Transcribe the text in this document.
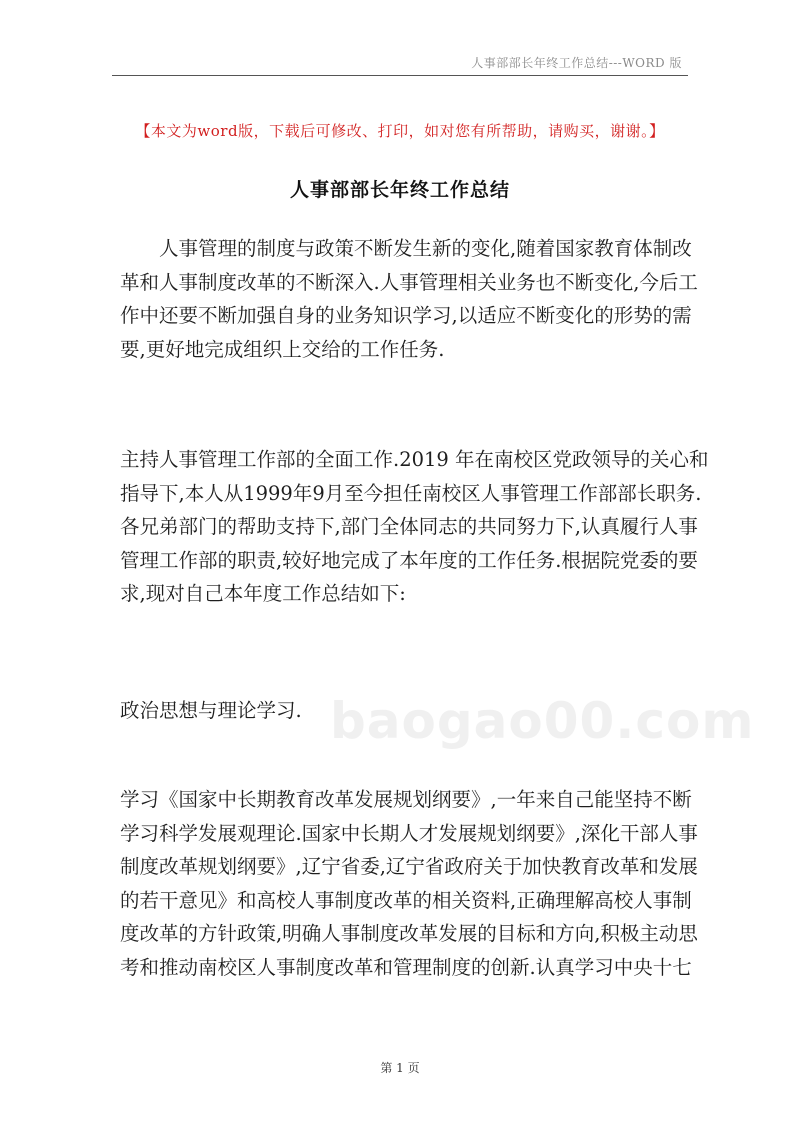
人事部部长年终工作总结---WORD 版
【本文为word版，下载后可修改、打印，如对您有所帮助，请购买，谢谢。】
人事部部长年终工作总结
　　人事管理的制度与政策不断发生新的变化,随着国家教育体制改
革和人事制度改革的不断深入.人事管理相关业务也不断变化,今后工
作中还要不断加强自身的业务知识学习,以适应不断变化的形势的需
要,更好地完成组织上交给的工作任务.
主持人事管理工作部的全面工作.2019 年在南校区党政领导的关心和
指导下,本人从1999年9月至今担任南校区人事管理工作部部长职务.
各兄弟部门的帮助支持下,部门全体同志的共同努力下,认真履行人事
管理工作部的职责,较好地完成了本年度的工作任务.根据院党委的要
求,现对自己本年度工作总结如下:
政治思想与理论学习.
学习《国家中长期教育改革发展规划纲要》,一年来自己能坚持不断
学习科学发展观理论.国家中长期人才发展规划纲要》,深化干部人事
制度改革规划纲要》,辽宁省委,辽宁省政府关于加快教育改革和发展
的若干意见》和高校人事制度改革的相关资料,正确理解高校人事制
度改革的方针政策,明确人事制度改革发展的目标和方向,积极主动思
考和推动南校区人事制度改革和管理制度的创新.认真学习中央十七
baogao00.com
第 1 页
